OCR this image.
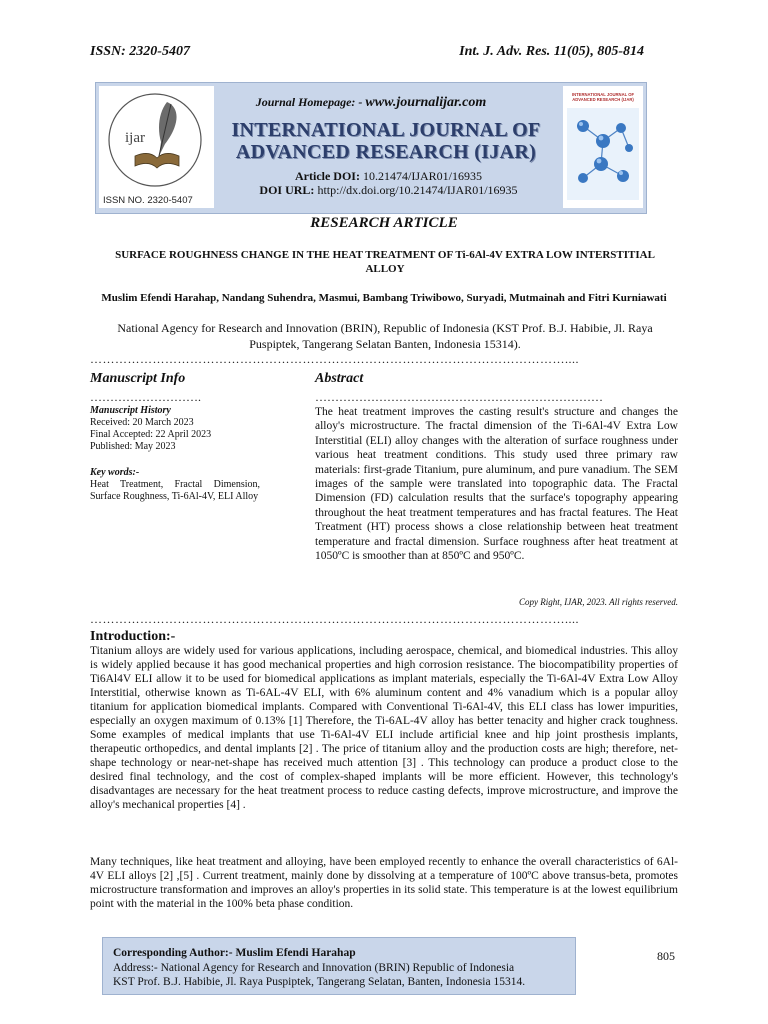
ISSN: 2320-5407	Int. J. Adv. Res. 11(05), 805-814
ijar
ISSN NO. 2320-5407
Journal Homepage: - www.journalijar.com
INTERNATIONAL JOURNAL OF
ADVANCED RESEARCH (IJAR)
Article DOI: 10.21474/IJAR01/16935
DOI URL: http://dx.doi.org/10.21474/IJAR01/16935
INTERNATIONAL JOURNAL OF
ADVANCED RESEARCH (IJAR)
RESEARCH ARTICLE
SURFACE ROUGHNESS CHANGE IN THE HEAT TREATMENT OF Ti-6Al-4V EXTRA LOW INTERSTITIAL ALLOY
Muslim Efendi Harahap, Nandang Suhendra, Masmui, Bambang Triwibowo, Suryadi, Mutmainah and Fitri Kurniawati
National Agency for Research and Innovation (BRIN), Republic of Indonesia (KST Prof. B.J. Habibie, Jl. Raya Puspiptek, Tangerang Selatan Banten, Indonesia 15314).
……………………………………………………………………………………………………....
Manuscript Info	Abstract
……………………….	………………………………………………………………
Manuscript History
Received: 20 March 2023
Final Accepted: 22 April 2023
Published: May 2023
Key words:-
Heat Treatment, Fractal Dimension, Surface Roughness, Ti-6Al-4V, ELI Alloy
The heat treatment improves the casting result's structure and changes the alloy's microstructure. The fractal dimension of the Ti-6Al-4V Extra Low Interstitial (ELI) alloy changes with the alteration of surface roughness under various heat treatment conditions. This study used three primary raw materials: first-grade Titanium, pure aluminum, and pure vanadium. The SEM images of the sample were translated into topographic data. The Fractal Dimension (FD) calculation results that the surface's topography appearing throughout the heat treatment temperatures and has fractal features. The Heat Treatment (HT) process shows a close relationship between heat treatment temperature and fractal dimension. Surface roughness after heat treatment at 1050ºC is smoother than at 850ºC and 950ºC.
Copy Right, IJAR, 2023. All rights reserved.
……………………………………………………………………………………………………....
Introduction:-
Titanium alloys are widely used for various applications, including aerospace, chemical, and biomedical industries. This alloy is widely applied because it has good mechanical properties and high corrosion resistance. The biocompatibility properties of Ti6Al4V ELI allow it to be used for biomedical applications as implant materials, especially the Ti-6Al-4V Extra Low Alloy Interstitial, otherwise known as Ti-6AL-4V ELI, with 6% aluminum content and 4% vanadium which is a popular alloy titanium for application biomedical implants. Compared with Conventional Ti-6Al-4V, this ELI class has lower impurities, especially an oxygen maximum of 0.13% [1] Therefore, the Ti-6AL-4V alloy has better tenacity and higher crack toughness. Some examples of medical implants that use Ti-6Al-4V ELI include artificial knee and hip joint prosthesis implants, therapeutic orthopedics, and dental implants [2] . The price of titanium alloy and the production costs are high; therefore, net-shape technology or near-net-shape has received much attention [3] . This technology can produce a product close to the desired final technology, and the cost of complex-shaped implants will be more efficient. However, this technology's disadvantages are necessary for the heat treatment process to reduce casting defects, improve microstructure, and improve the alloy's mechanical properties [4] .
Many techniques, like heat treatment and alloying, have been employed recently to enhance the overall characteristics of 6Al-4V ELI alloys [2] ,[5] . Current treatment, mainly done by dissolving at a temperature of 100ºC above transus-beta, promotes microstructure transformation and improves an alloy's properties in its solid state. This temperature is at the lowest equilibrium point with the material in the 100% beta phase condition.
Corresponding Author:- Muslim Efendi Harahap
Address:- National Agency for Research and Innovation (BRIN) Republic of Indonesia
KST Prof. B.J. Habibie, Jl. Raya Puspiptek, Tangerang Selatan, Banten, Indonesia 15314.
805
